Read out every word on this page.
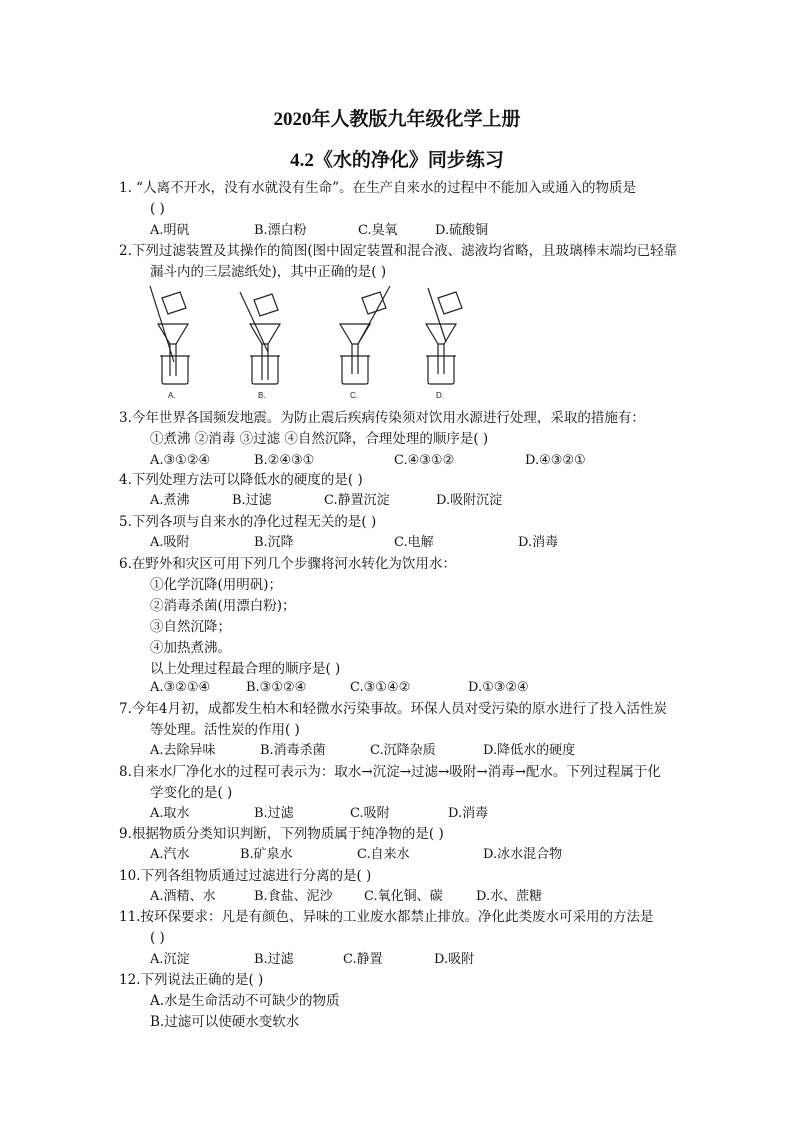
2020年人教版九年级化学上册
4.2《水的净化》同步练习
1. “人离不开水，没有水就没有生命”。在生产自来水的过程中不能加入或通入的物质是
( )
A.明矾	B.漂白粉	C.臭氧	D.硫酸铜
2.下列过滤装置及其操作的简图(图中固定装置和混合液、滤液均省略，且玻璃棒末端均已轻靠
漏斗内的三层滤纸处)，其中正确的是( )
A.	B.	C.	D.
3.今年世界各国频发地震。为防止震后疾病传染须对饮用水源进行处理，采取的措施有：
①煮沸 ②消毒 ③过滤 ④自然沉降，合理处理的顺序是( )
A.③①②④	B.②④③①	C.④③①②	D.④③②①
4.下列处理方法可以降低水的硬度的是( )
A.煮沸	B.过滤	C.静置沉淀	D.吸附沉淀
5.下列各项与自来水的净化过程无关的是( )
A.吸附	B.沉降	C.电解	D.消毒
6.在野外和灾区可用下列几个步骤将河水转化为饮用水：
①化学沉降(用明矾)；
②消毒杀菌(用漂白粉)；
③自然沉降；
④加热煮沸。
以上处理过程最合理的顺序是( )
A.③②①④	B.③①②④	C.③①④②	D.①③②④
7.今年4月初，成都发生柏木和轻微水污染事故。环保人员对受污染的原水进行了投入活性炭
等处理。活性炭的作用( )
A.去除异味	B.消毒杀菌	C.沉降杂质	D.降低水的硬度
8.自来水厂净化水的过程可表示为：取水→沉淀→过滤→吸附→消毒→配水。下列过程属于化
学变化的是( )
A.取水	B.过滤	C.吸附	D.消毒
9.根据物质分类知识判断，下列物质属于纯净物的是( )
A.汽水	B.矿泉水	C.自来水	D.冰水混合物
10.下列各组物质通过过滤进行分离的是( )
A.酒精、水	B.食盐、泥沙 C.氧化铜、碳	D.水、蔗糖
11.按环保要求：凡是有颜色、异味的工业废水都禁止排放。净化此类废水可采用的方法是
( )
A.沉淀	B.过滤	C.静置	D.吸附
12.下列说法正确的是( )
A.水是生命活动不可缺少的物质
B.过滤可以使硬水变软水
